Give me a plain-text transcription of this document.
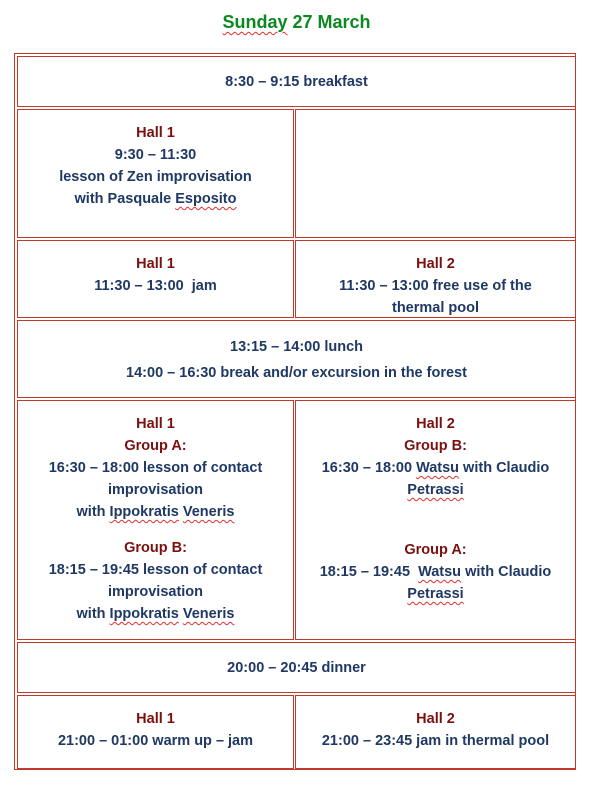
Sunday 27 March
8:30 – 9:15 breakfast
Hall 1
9:30 – 11:30
lesson of Zen improvisation
with Pasquale Esposito
Hall 1
11:30 – 13:00  jam
Hall 2
11:30 – 13:00 free use of the
thermal pool
13:15 – 14:00 lunch
14:00 – 16:30 break and/or excursion in the forest
Hall 1
Group A:
16:30 – 18:00 lesson of contact
improvisation
with Ippokratis Veneris
Group B:
18:15 – 19:45 lesson of contact
improvisation
with Ippokratis Veneris
Hall 2
Group B:
16:30 – 18:00 Watsu with Claudio
Petrassi
Group A:
18:15 – 19:45  Watsu with Claudio
Petrassi
20:00 – 20:45 dinner
Hall 1
21:00 – 01:00 warm up – jam
Hall 2
21:00 – 23:45 jam in thermal pool
